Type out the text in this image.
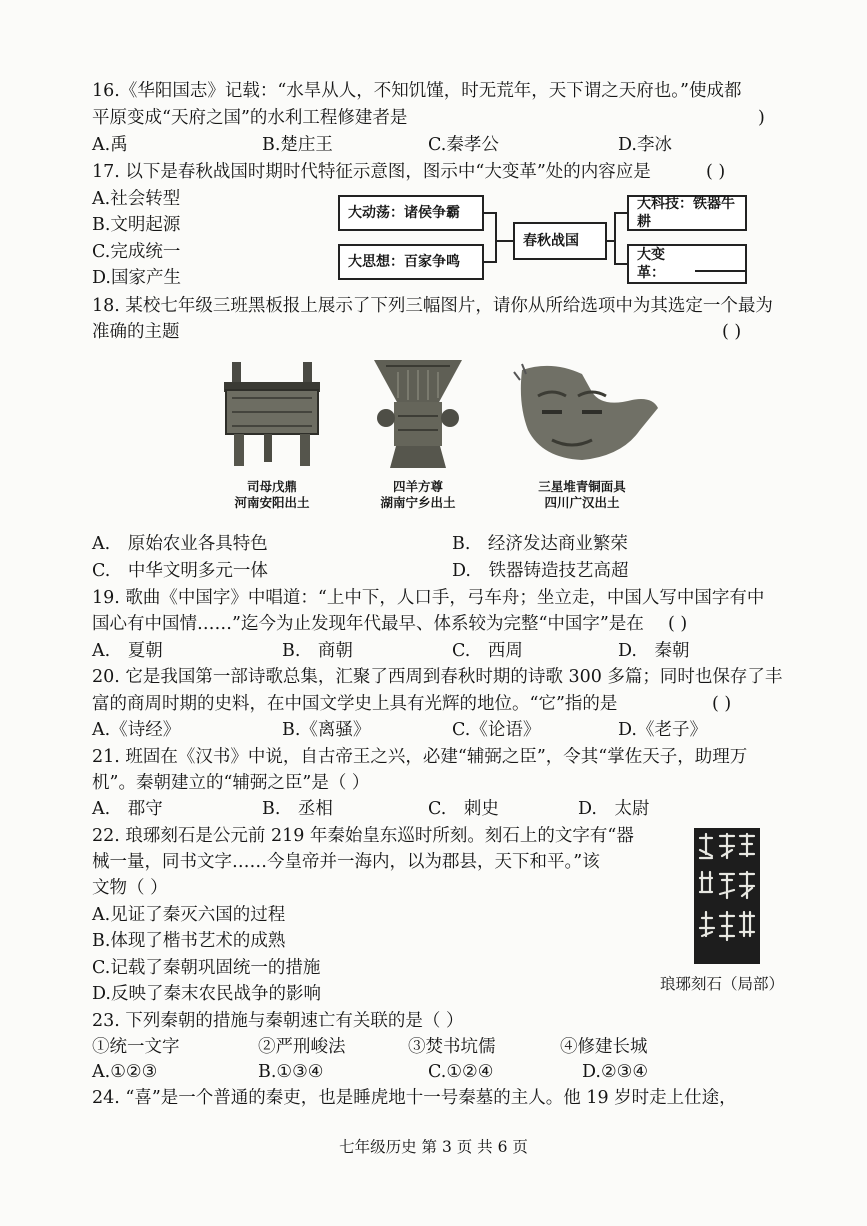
16.《华阳国志》记载：“水旱从人，不知饥馑，时无荒年，天下谓之天府也。”使成都
平原变成“天府之国”的水利工程修建者是	)
A.禹	B.楚庄王	C.秦孝公	D.李冰
17. 以下是春秋战国时期时代特征示意图，图示中“大变革”处的内容应是	( )
A.社会转型
B.文明起源
C.完成统一
D.国家产生
大动荡：诸侯争霸
大思想：百家争鸣
春秋战国
大科技：铁器牛耕
大变革：
18. 某校七年级三班黑板报上展示了下列三幅图片，请你从所给选项中为其选定一个最为
准确的主题	( )
司母戊鼎
河南安阳出土
四羊方尊
湖南宁乡出土
三星堆青铜面具
四川广汉出土
A.　原始农业各具特色	B.　经济发达商业繁荣
C.　中华文明多元一体	D.　铁器铸造技艺高超
19. 歌曲《中国字》中唱道：“上中下，人口手，弓车舟；坐立走，中国人写中国字有中
国心有中国情……”迄今为止发现年代最早、体系较为完整“中国字”是在 ( )
A.　夏朝	B.　商朝	C.　西周	D.　秦朝
20. 它是我国第一部诗歌总集，汇聚了西周到春秋时期的诗歌 300 多篇；同时也保存了丰
富的商周时期的史料，在中国文学史上具有光辉的地位。“它”指的是	( )
A.《诗经》	B.《离骚》	C.《论语》	D.《老子》
21. 班固在《汉书》中说，自古帝王之兴，必建“辅弼之臣”，令其“掌佐天子，助理万
机”。秦朝建立的“辅弼之臣”是（ ）
A.　郡守	B.　丞相	C.　刺史	D.　太尉
22. 琅琊刻石是公元前 219 年秦始皇东巡时所刻。刻石上的文字有“器
械一量，同书文字……今皇帝并一海内，以为郡县，天下和平。”该
文物（ ）
A.见证了秦灭六国的过程
B.体现了楷书艺术的成熟
C.记载了秦朝巩固统一的措施
D.反映了秦末农民战争的影响	琅琊刻石（局部）
23. 下列秦朝的措施与秦朝速亡有关联的是（ ）
①统一文字	②严刑峻法	③焚书坑儒	④修建长城
A.①②③	B.①③④	C.①②④	D.②③④
24. “喜”是一个普通的秦吏，也是睡虎地十一号秦墓的主人。他 19 岁时走上仕途，
七年级历史 第 3 页 共 6 页
